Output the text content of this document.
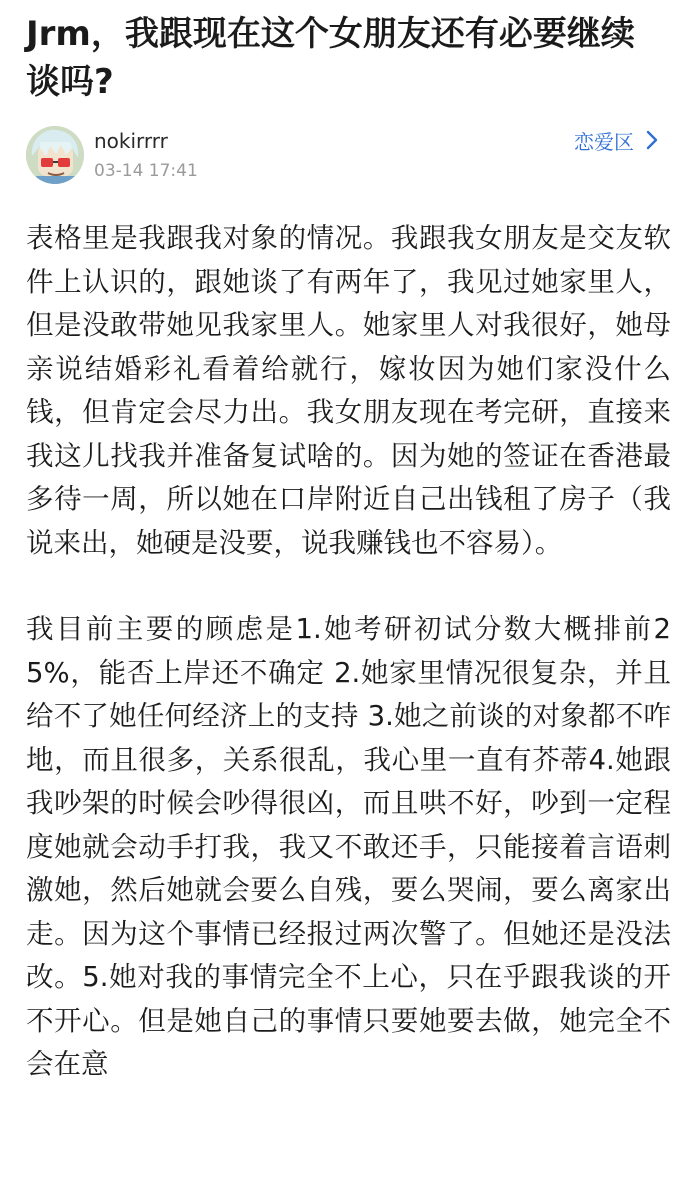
Jrm，我跟现在这个女朋友还有必要继续谈吗?
nokirrrr
03-14 17:41
恋爱区

表格里是我跟我对象的情况。我跟我女朋友是交友软件上认识的，跟她谈了有两年了，我见过她家里人，但是没敢带她见我家里人。她家里人对我很好，她母亲说结婚彩礼看着给就行，嫁妆因为她们家没什么钱，但肯定会尽力出。我女朋友现在考完研，直接来我这儿找我并准备复试啥的。因为她的签证在香港最多待一周，所以她在口岸附近自己出钱租了房子（我说来出，她硬是没要，说我赚钱也不容易）。

我目前主要的顾虑是1.她考研初试分数大概排前25%，能否上岸还不确定 2.她家里情况很复杂，并且给不了她任何经济上的支持 3.她之前谈的对象都不咋地，而且很多，关系很乱，我心里一直有芥蒂4.她跟我吵架的时候会吵得很凶，而且哄不好，吵到一定程度她就会动手打我，我又不敢还手，只能接着言语刺激她，然后她就会要么自残，要么哭闹，要么离家出走。因为这个事情已经报过两次警了。但她还是没法改。5.她对我的事情完全不上心，只在乎跟我谈的开不开心。但是她自己的事情只要她要去做，她完全不会在意
